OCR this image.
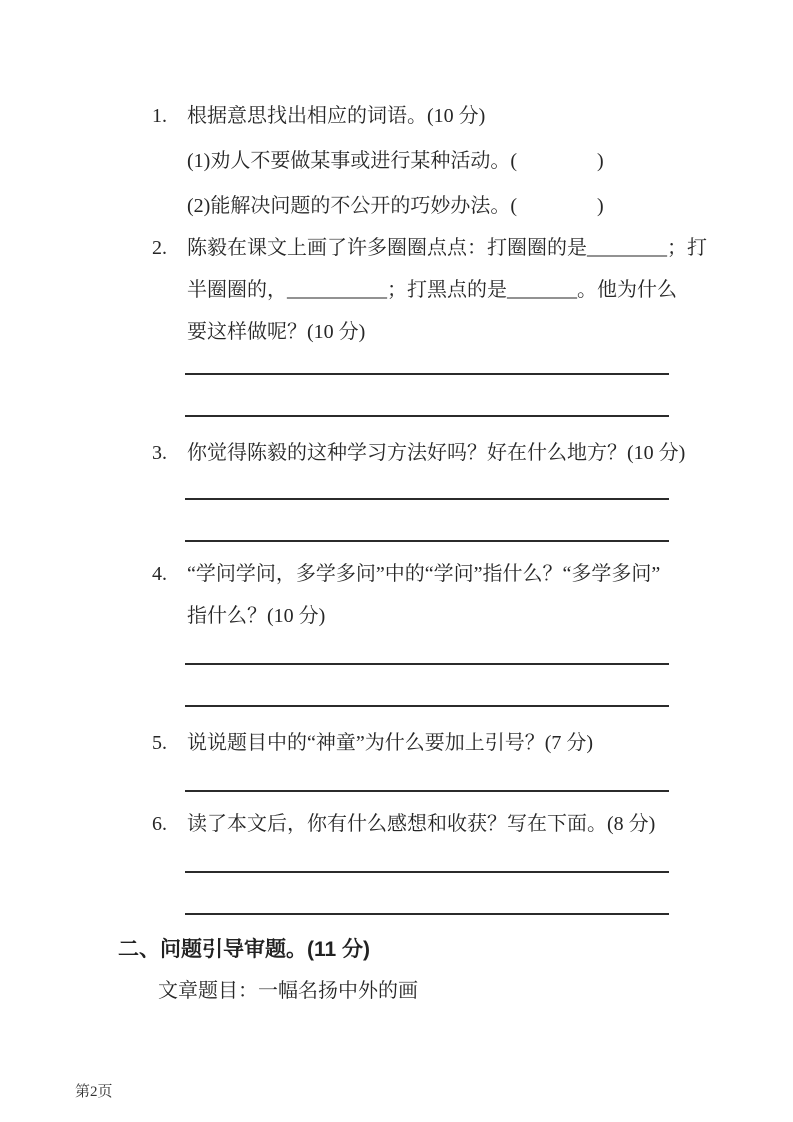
1. 根据意思找出相应的词语。(10 分)
(1)劝人不要做某事或进行某种活动。(　　　　)
(2)能解决问题的不公开的巧妙办法。(　　　　)
2. 陈毅在课文上画了许多圈圈点点：打圈圈的是________；打
半圈圈的，__________；打黑点的是_______。他为什么
要这样做呢？(10 分)
3. 你觉得陈毅的这种学习方法好吗？好在什么地方？(10 分)
4. “学问学问，多学多问”中的“学问”指什么？“多学多问”
指什么？(10 分)
5. 说说题目中的“神童”为什么要加上引号？(7 分)
6. 读了本文后，你有什么感想和收获？写在下面。(8 分)
二、问题引导审题。(11 分)
文章题目：一幅名扬中外的画
第2页
